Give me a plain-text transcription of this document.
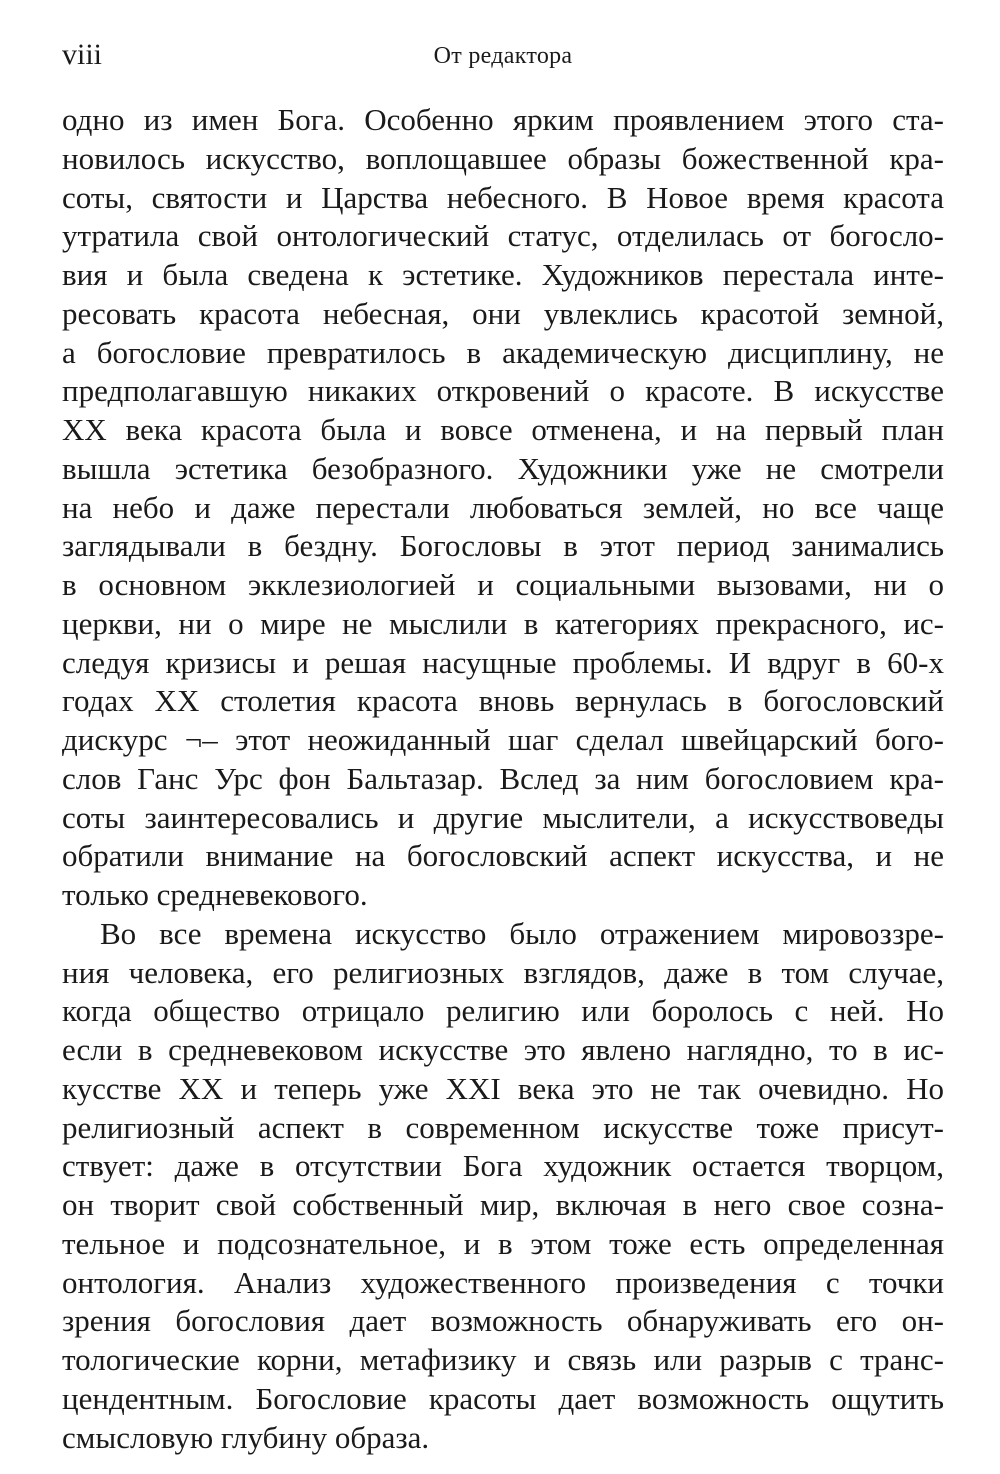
viii	От редактора
одно из имен Бога. Особенно ярким проявлением этого ста-
новилось искусство, воплощавшее образы божественной кра-
соты, святости и Царства небесного. В Новое время красота
утратила свой онтологический статус, отделилась от богосло-
вия и была сведена к эстетике. Художников перестала инте-
ресовать красота небесная, они увлеклись красотой земной,
а богословие превратилось в академическую дисциплину, не
предполагавшую никаких откровений о красоте. В искусстве
XX века красота была и вовсе отменена, и на первый план
вышла эстетика безобразного. Художники уже не смотрели
на небо и даже перестали любоваться землей, но все чаще
заглядывали в бездну. Богословы в этот период занимались
в основном экклезиологией и социальными вызовами, ни о
церкви, ни о мире не мыслили в категориях прекрасного, ис-
следуя кризисы и решая насущные проблемы. И вдруг в 60-х
годах XX столетия красота вновь вернулась в богословский
дискурс ¬– этот неожиданный шаг сделал швейцарский бого-
слов Ганс Урс фон Бальтазар. Вслед за ним богословием кра-
соты заинтересовались и другие мыслители, а искусствоведы
обратили внимание на богословский аспект искусства, и не
только средневекового.
Во все времена искусство было отражением мировоззре-
ния человека, его религиозных взглядов, даже в том случае,
когда общество отрицало религию или боролось с ней. Но
если в средневековом искусстве это явлено наглядно, то в ис-
кусстве XX и теперь уже XXI века это не так очевидно. Но
религиозный аспект в современном искусстве тоже присут-
ствует: даже в отсутствии Бога художник остается творцом,
он творит свой собственный мир, включая в него свое созна-
тельное и подсознательное, и в этом тоже есть определенная
онтология. Анализ художественного произведения с точки
зрения богословия дает возможность обнаруживать его он-
тологические корни, метафизику и связь или разрыв с транс-
цендентным. Богословие красоты дает возможность ощутить
смысловую глубину образа.
